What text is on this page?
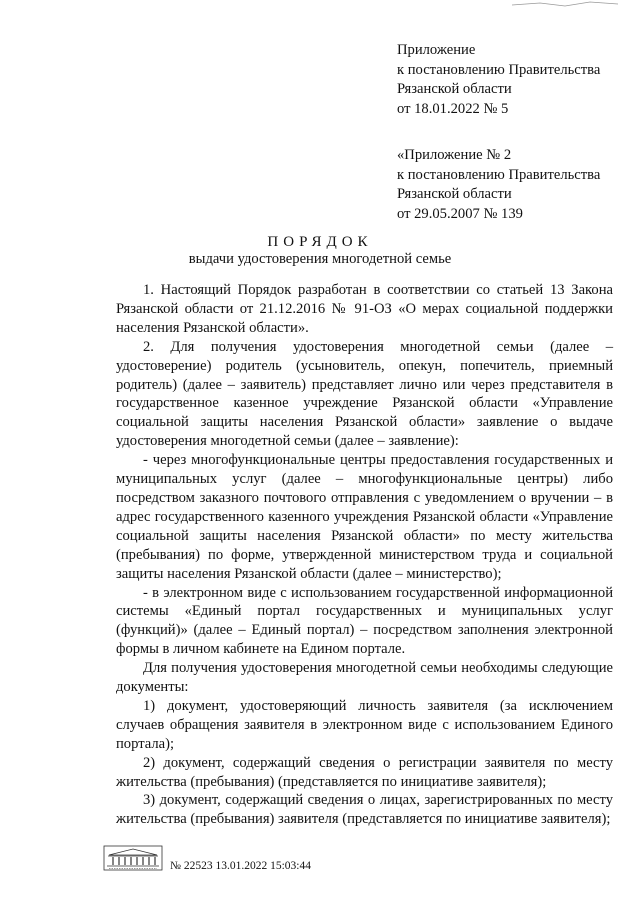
Приложение
к постановлению Правительства
Рязанской области
от 18.01.2022 № 5
«Приложение № 2
к постановлению Правительства
Рязанской области
от 29.05.2007 № 139
ПОРЯДОК
выдачи удостоверения многодетной семье

1. Настоящий Порядок разработан в соответствии со статьей 13 Закона Рязанской области от 21.12.2016 № 91-ОЗ «О мерах социальной поддержки населения Рязанской области».

2. Для получения удостоверения многодетной семьи (далее – удостоверение) родитель (усыновитель, опекун, попечитель, приемный родитель) (далее – заявитель) представляет лично или через представителя в государственное казенное учреждение Рязанской области «Управление социальной защиты населения Рязанской области» заявление о выдаче удостоверения многодетной семьи (далее – заявление):

- через многофункциональные центры предоставления государственных и муниципальных услуг (далее – многофункциональные центры) либо посредством заказного почтового отправления с уведомлением о вручении – в адрес государственного казенного учреждения Рязанской области «Управление социальной защиты населения Рязанской области» по месту жительства (пребывания) по форме, утвержденной министерством труда и социальной защиты населения Рязанской области (далее – министерство);

- в электронном виде с использованием государственной информационной системы «Единый портал государственных и муниципальных услуг (функций)» (далее – Единый портал) – посредством заполнения электронной формы в личном кабинете на Едином портале.

Для получения удостоверения многодетной семьи необходимы следующие документы:

1) документ, удостоверяющий личность заявителя (за исключением случаев обращения заявителя в электронном виде с использованием Единого портала);

2) документ, содержащий сведения о регистрации заявителя по месту жительства (пребывания) (представляется по инициативе заявителя);

3) документ, содержащий сведения о лицах, зарегистрированных по месту жительства (пребывания) заявителя (представляется по инициативе заявителя);

№ 22523 13.01.2022 15:03:44
